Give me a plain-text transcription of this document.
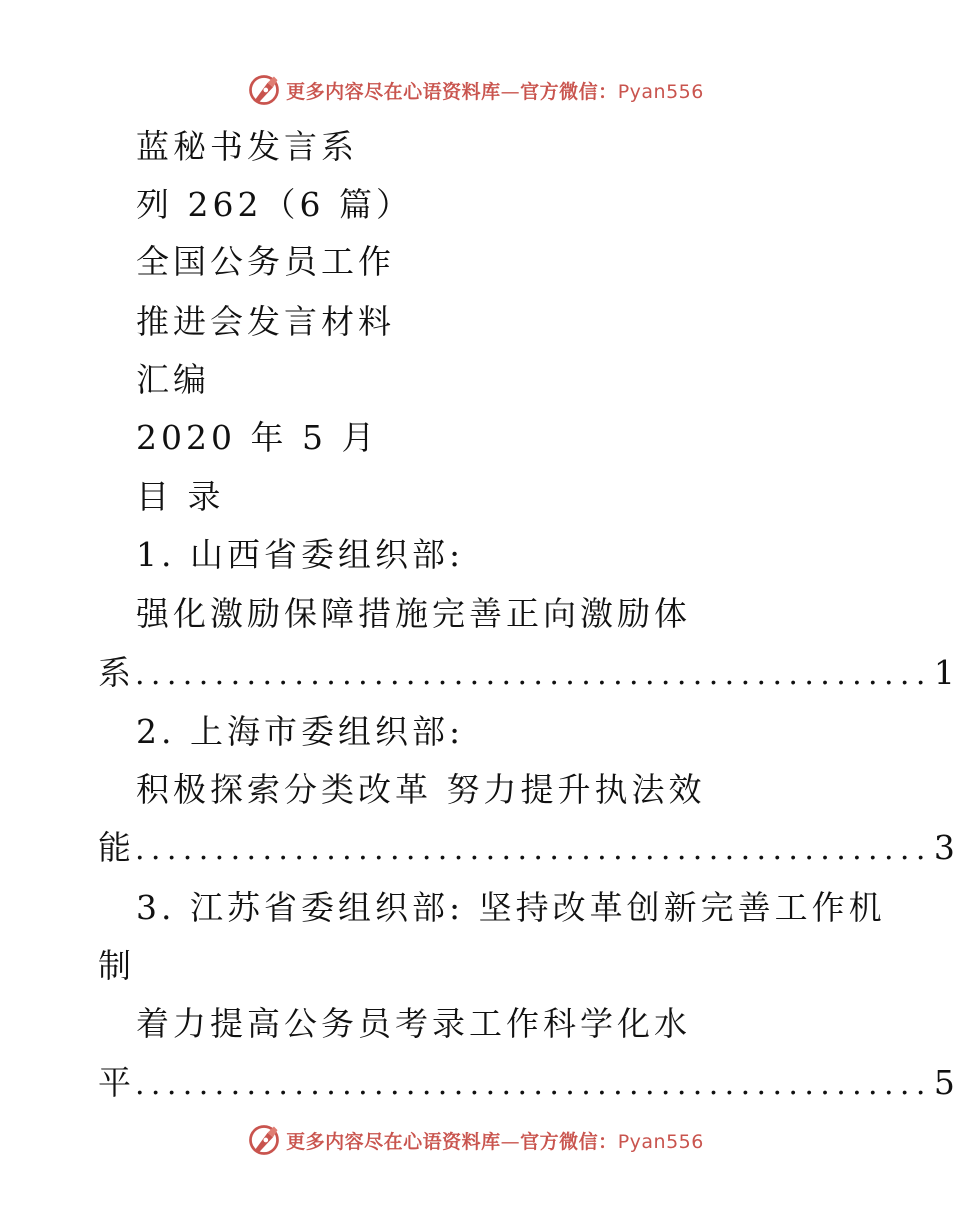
更多内容尽在心语资料库—官方微信：Pyan556
蓝秘书发言系
列 262（6 篇）
全国公务员工作
推进会发言材料
汇编
2020 年 5 月
目 录
1. 山西省委组织部:
强化激励保障措施完善正向激励体
系 .................................................. 1
2. 上海市委组织部:
积极探索分类改革 努力提升执法效
能 .................................................. 3
3. 江苏省委组织部: 坚持改革创新完善工作机
制
着力提高公务员考录工作科学化水
平 .................................................. 5
更多内容尽在心语资料库—官方微信：Pyan556
